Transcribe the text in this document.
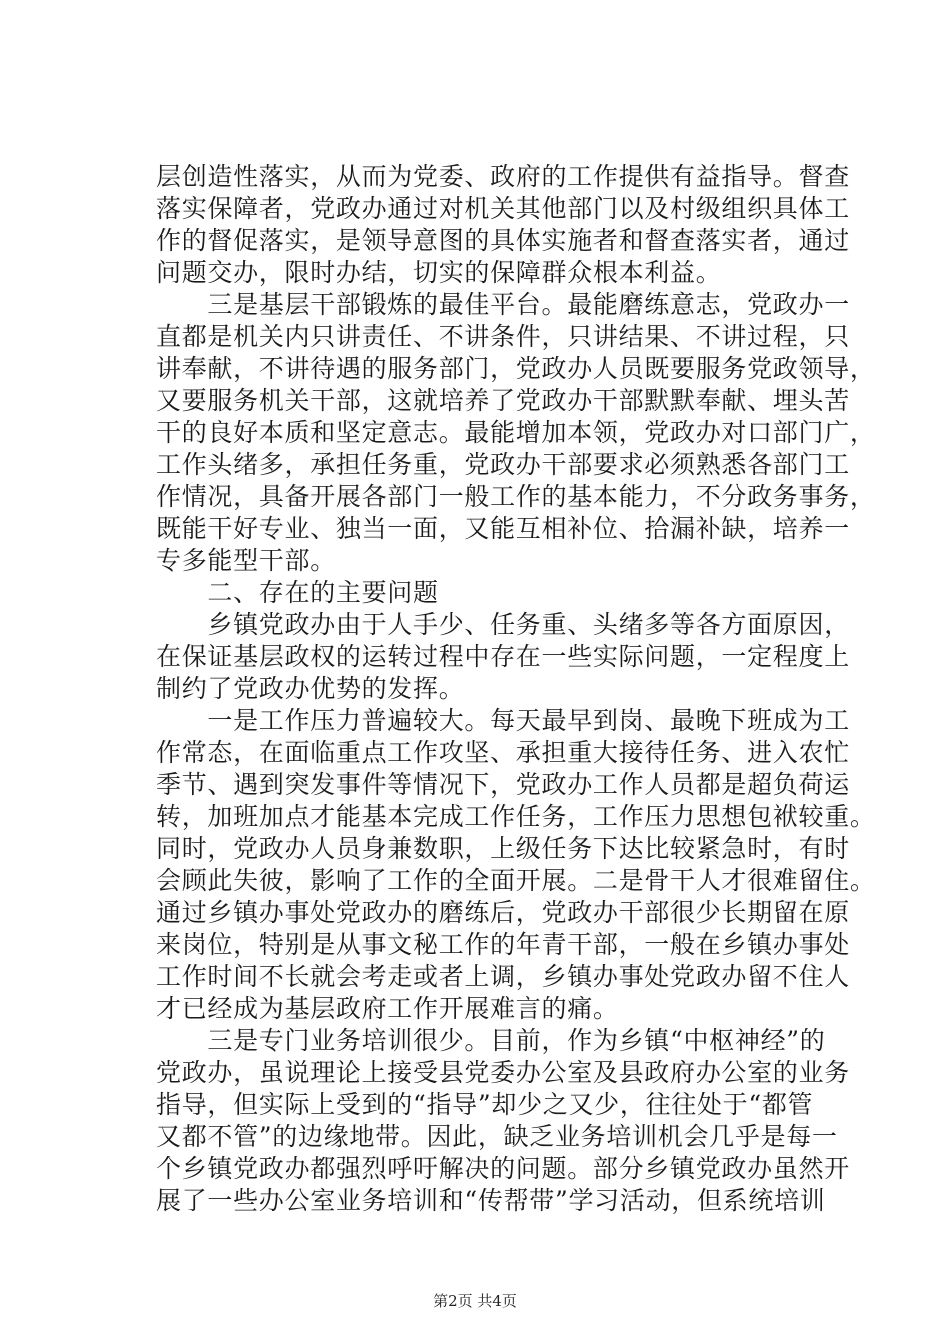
层创造性落实，从而为党委、政府的工作提供有益指导。督查
落实保障者，党政办通过对机关其他部门以及村级组织具体工
作的督促落实，是领导意图的具体实施者和督查落实者，通过
问题交办，限时办结，切实的保障群众根本利益。
　　三是基层干部锻炼的最佳平台。最能磨练意志，党政办一
直都是机关内只讲责任、不讲条件，只讲结果、不讲过程，只
讲奉献，不讲待遇的服务部门，党政办人员既要服务党政领导，
又要服务机关干部，这就培养了党政办干部默默奉献、埋头苦
干的良好本质和坚定意志。最能增加本领，党政办对口部门广，
工作头绪多，承担任务重，党政办干部要求必须熟悉各部门工
作情况，具备开展各部门一般工作的基本能力，不分政务事务，
既能干好专业、独当一面，又能互相补位、拾漏补缺，培养一
专多能型干部。
　　二、存在的主要问题
　　乡镇党政办由于人手少、任务重、头绪多等各方面原因，
在保证基层政权的运转过程中存在一些实际问题，一定程度上
制约了党政办优势的发挥。
　　一是工作压力普遍较大。每天最早到岗、最晚下班成为工
作常态，在面临重点工作攻坚、承担重大接待任务、进入农忙
季节、遇到突发事件等情况下，党政办工作人员都是超负荷运
转，加班加点才能基本完成工作任务，工作压力思想包袱较重。
同时，党政办人员身兼数职，上级任务下达比较紧急时，有时
会顾此失彼，影响了工作的全面开展。二是骨干人才很难留住。
通过乡镇办事处党政办的磨练后，党政办干部很少长期留在原
来岗位，特别是从事文秘工作的年青干部，一般在乡镇办事处
工作时间不长就会考走或者上调，乡镇办事处党政办留不住人
才已经成为基层政府工作开展难言的痛。
　　三是专门业务培训很少。目前，作为乡镇“中枢神经”的
党政办，虽说理论上接受县党委办公室及县政府办公室的业务
指导，但实际上受到的“指导”却少之又少，往往处于“都管
又都不管”的边缘地带。因此，缺乏业务培训机会几乎是每一
个乡镇党政办都强烈呼吁解决的问题。部分乡镇党政办虽然开
展了一些办公室业务培训和“传帮带”学习活动，但系统培训
第2页 共4页
